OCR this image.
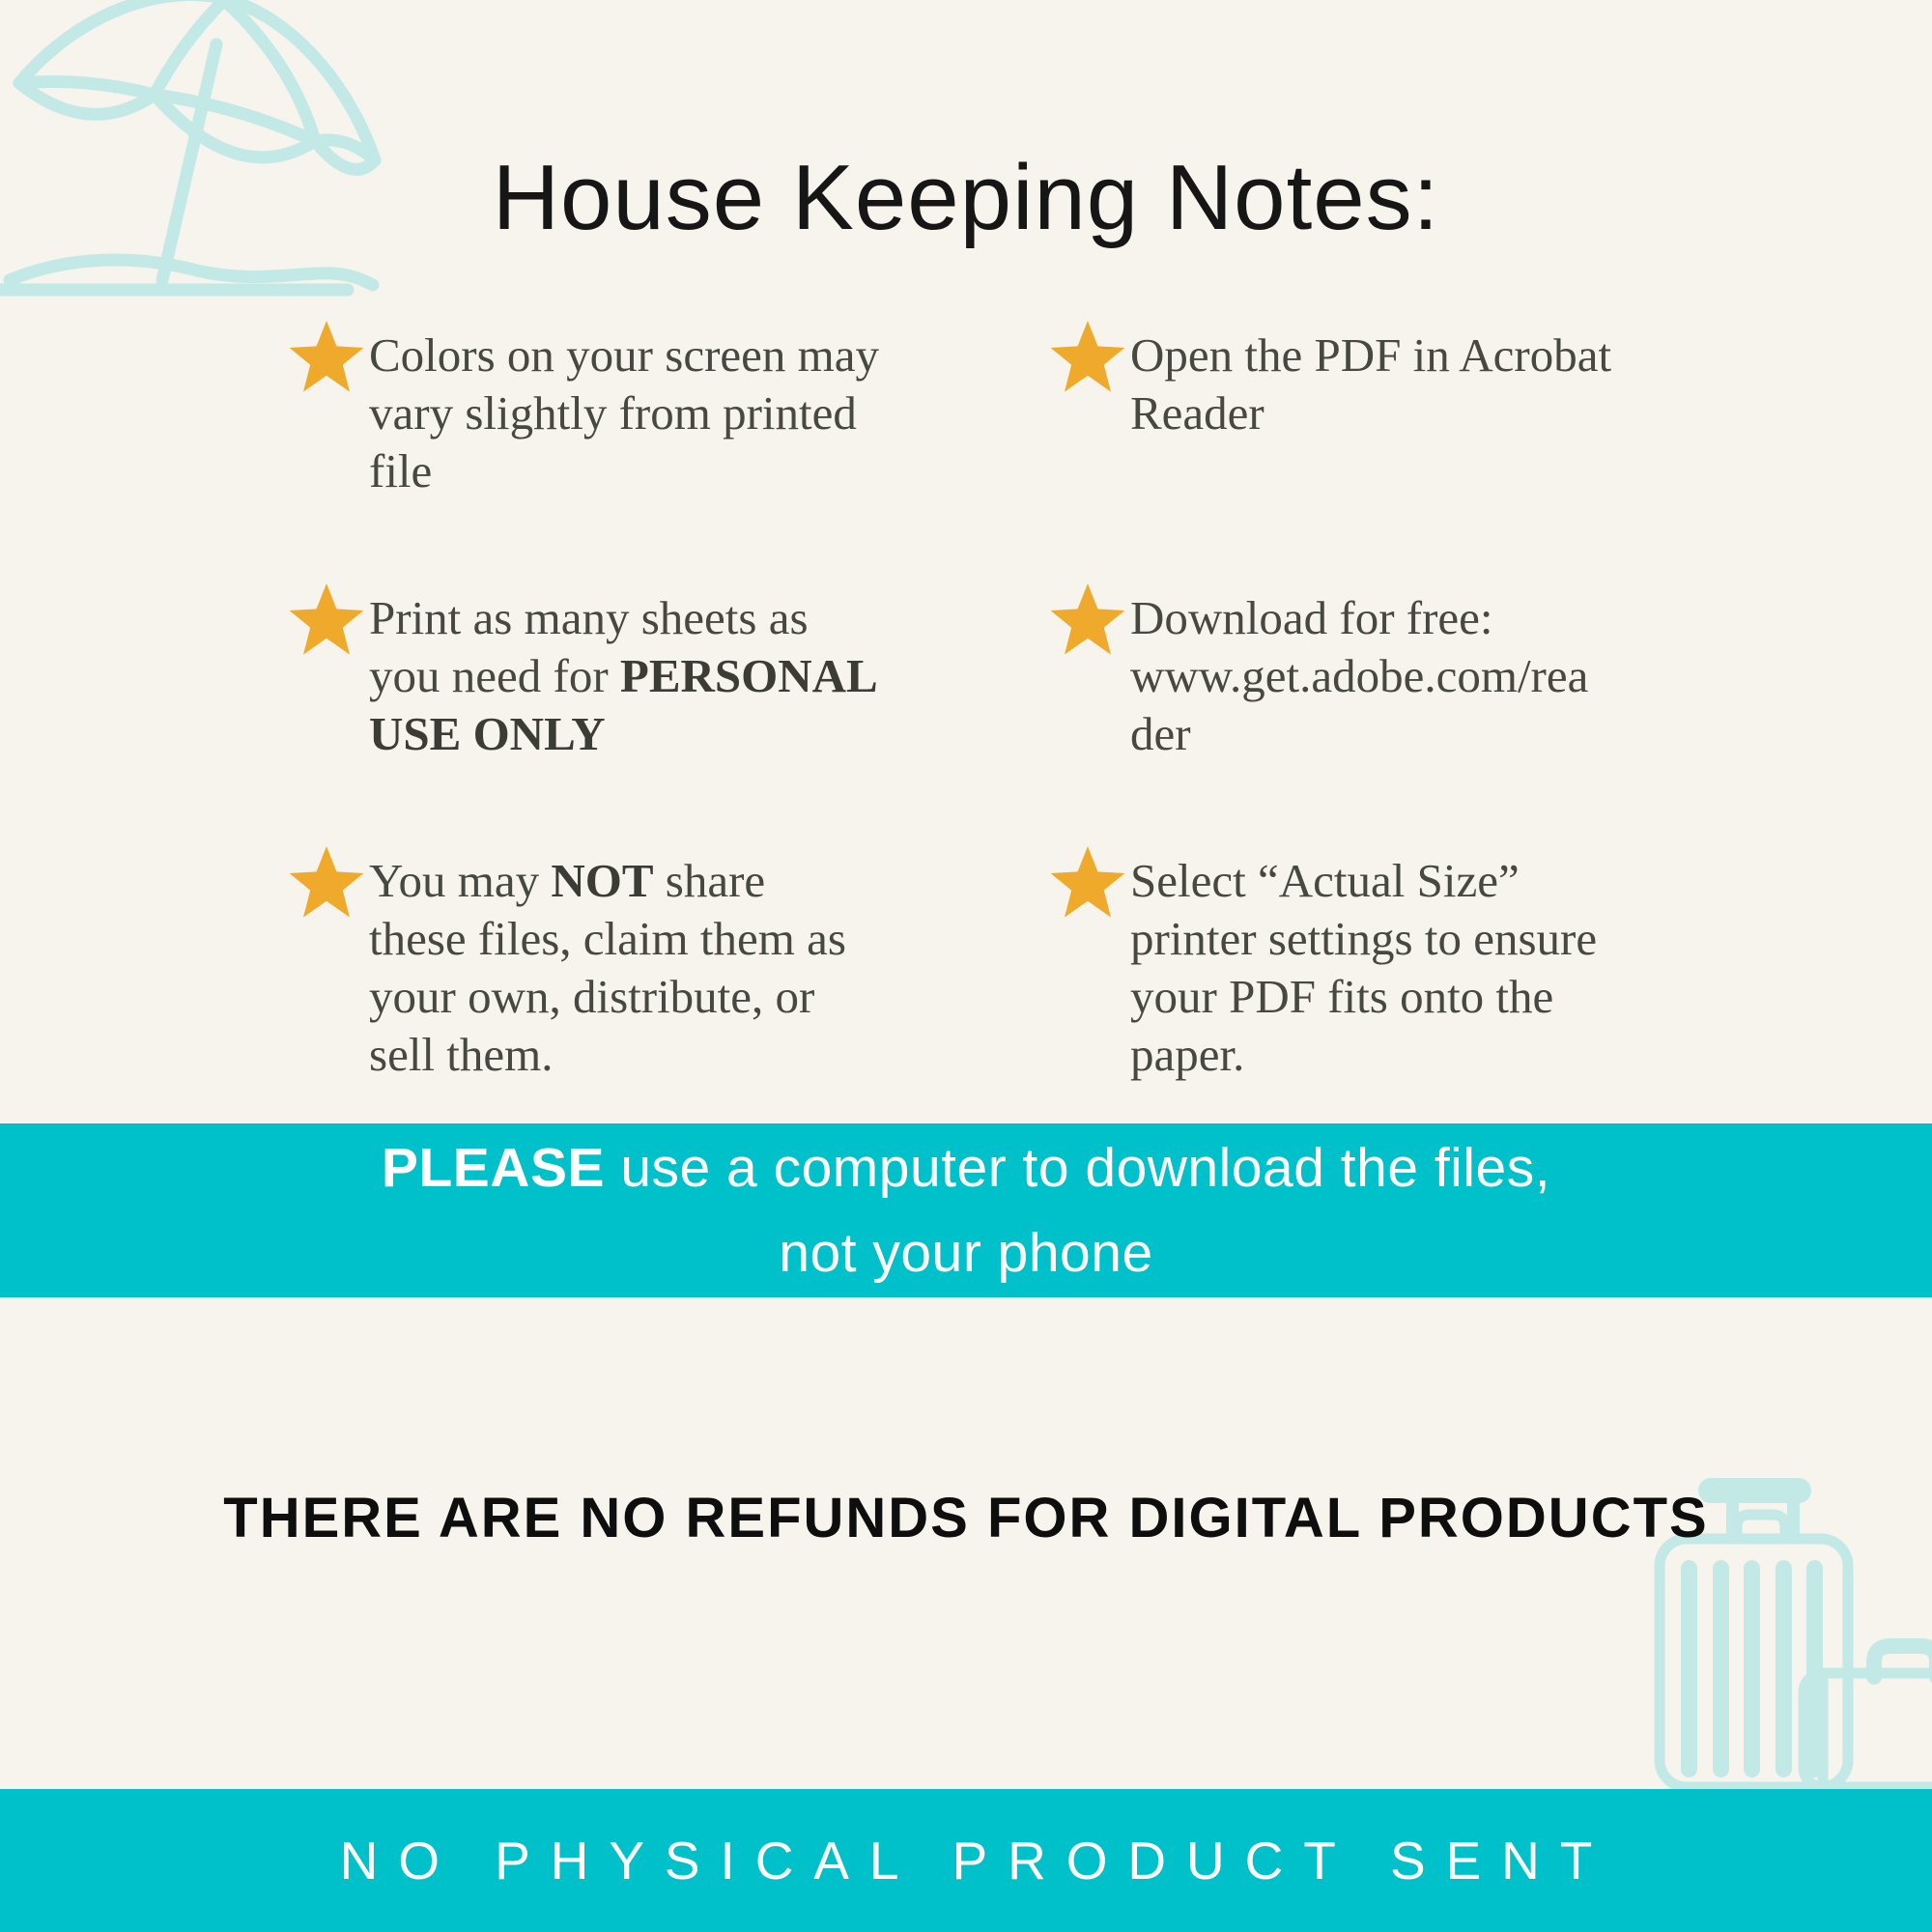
House Keeping Notes:
Colors on your screen may
vary slightly from printed
file
Open the PDF in Acrobat
Reader
Print as many sheets as
you need for PERSONAL
USE ONLY
Download for free:
www.get.adobe.com/rea
der
You may NOT share
these files, claim them as
your own, distribute, or
sell them.
Select “Actual Size”
printer settings to ensure
your PDF fits onto the
paper.
PLEASE use a computer to download the files,
not your phone
THERE ARE NO REFUNDS FOR DIGITAL PRODUCTS
NO PHYSICAL PRODUCT SENT
